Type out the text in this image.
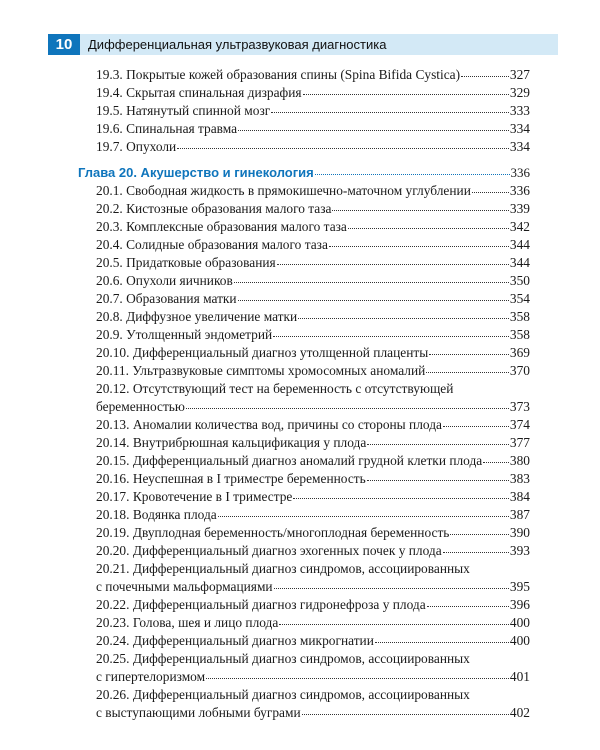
10	Дифференциальная ультразвуковая диагностика
19.3. Покрытые кожей образования спины (Spina Bifida Cystica)	327
19.4. Скрытая спинальная дизрафия	329
19.5. Натянутый спинной мозг	333
19.6. Спинальная травма	334
19.7. Опухоли	334
Глава 20. Акушерство и гинекология	336
20.1. Свободная жидкость в прямокишечно-маточном углублении	336
20.2. Кистозные образования малого таза	339
20.3. Комплексные образования малого таза	342
20.4. Солидные образования малого таза	344
20.5. Придатковые образования	344
20.6. Опухоли яичников	350
20.7. Образования матки	354
20.8. Диффузное увеличение матки	358
20.9. Утолщенный эндометрий	358
20.10. Дифференциальный диагноз утолщенной плаценты	369
20.11. Ультразвуковые симптомы хромосомных аномалий	370
20.12. Отсутствующий тест на беременность с отсутствующей
беременностью	373
20.13. Аномалии количества вод, причины со стороны плода	374
20.14. Внутрибрюшная кальцификация у плода	377
20.15. Дифференциальный диагноз аномалий грудной клетки плода 380
20.16. Неуспешная в I триместре беременность	383
20.17. Кровотечение в I триместре	384
20.18. Водянка плода	387
20.19. Двуплодная беременность/многоплодная беременность	390
20.20. Дифференциальный диагноз эхогенных почек у плода	393
20.21. Дифференциальный диагноз синдромов, ассоциированных
с почечными мальформациями	395
20.22. Дифференциальный диагноз гидронефроза у плода	396
20.23. Голова, шея и лицо плода	400
20.24. Дифференциальный диагноз микрогнатии	400
20.25. Дифференциальный диагноз синдромов, ассоциированных
с гипертелоризмом	401
20.26. Дифференциальный диагноз синдромов, ассоциированных
с выступающими лобными буграми	402
